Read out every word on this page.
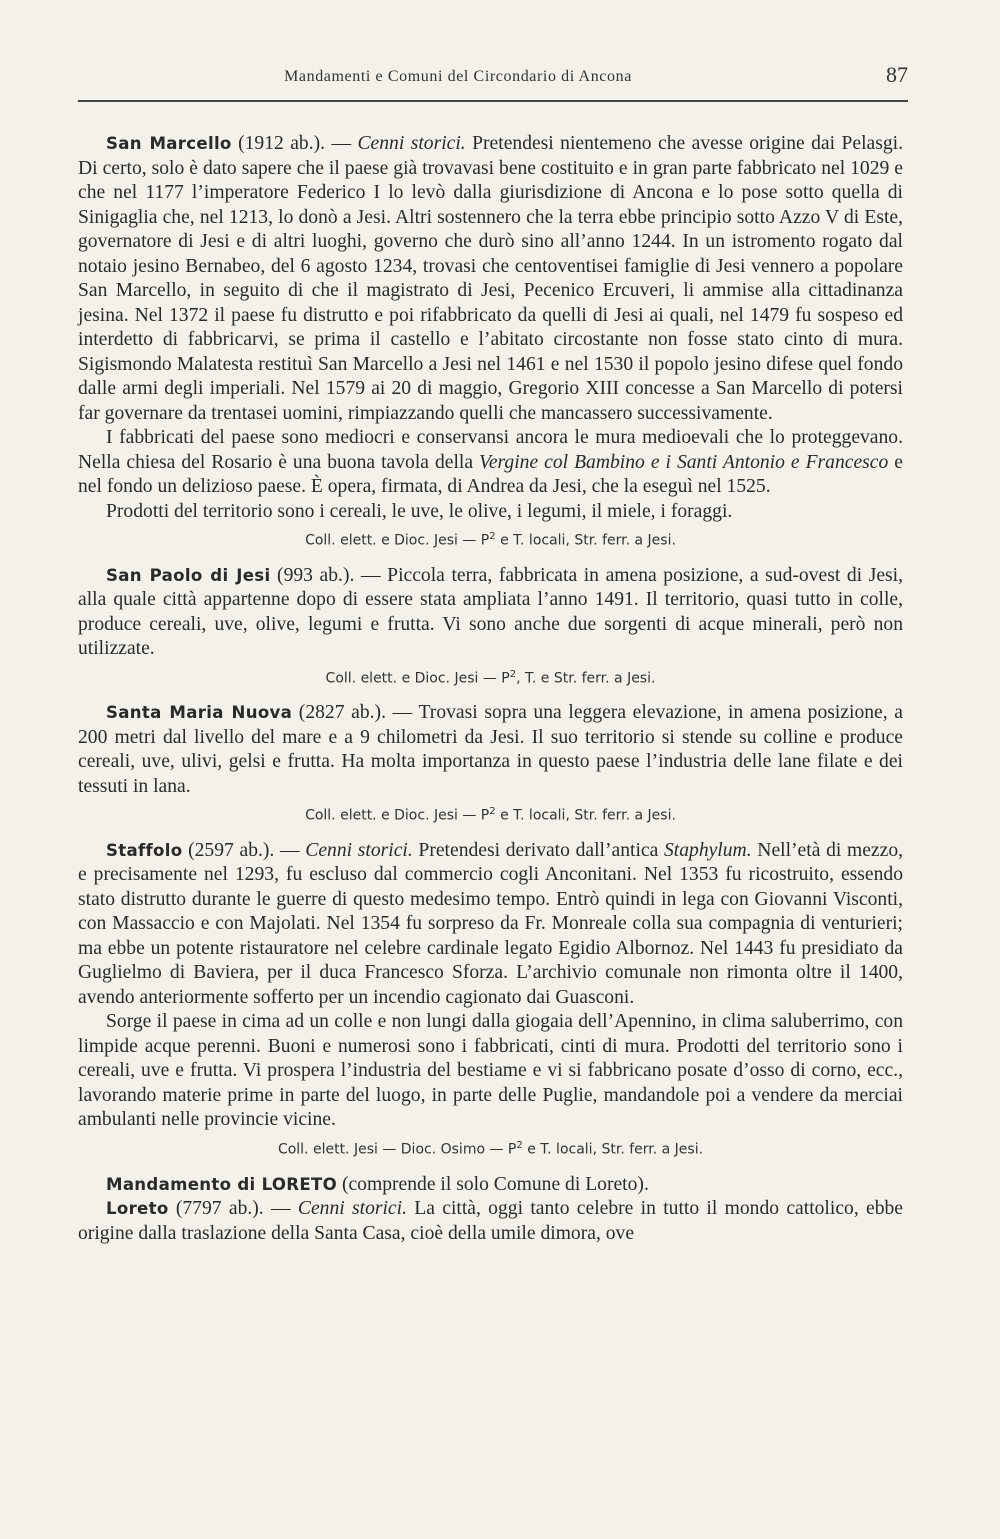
Mandamenti e Comuni del Circondario di Ancona	87

San Marcello (1912 ab.). — Cenni storici. Pretendesi nientemeno che avesse origine dai Pelasgi. Di certo, solo è dato sapere che il paese già trovavasi bene costituito e in gran parte fabbricato nel 1029 e che nel 1177 l’imperatore Federico I lo levò dalla giurisdizione di Ancona e lo pose sotto quella di Sinigaglia che, nel 1213, lo donò a Jesi. Altri sostennero che la terra ebbe principio sotto Azzo V di Este, governatore di Jesi e di altri luoghi, governo che durò sino all’anno 1244. In un istromento rogato dal notaio jesino Bernabeo, del 6 agosto 1234, trovasi che centoventisei famiglie di Jesi vennero a popolare San Marcello, in seguito di che il magistrato di Jesi, Pecenico Ercuveri, li ammise alla cittadinanza jesina. Nel 1372 il paese fu distrutto e poi rifabbricato da quelli di Jesi ai quali, nel 1479 fu sospeso ed interdetto di fabbricarvi, se prima il castello e l’abitato circostante non fosse stato cinto di mura. Sigismondo Malatesta restituì San Marcello a Jesi nel 1461 e nel 1530 il popolo jesino difese quel fondo dalle armi degli imperiali. Nel 1579 ai 20 di maggio, Gregorio XIII concesse a San Marcello di potersi far governare da trentasei uomini, rimpiazzando quelli che mancassero successivamente.

I fabbricati del paese sono mediocri e conservansi ancora le mura medioevali che lo proteggevano. Nella chiesa del Rosario è una buona tavola della Vergine col Bambino e i Santi Antonio e Francesco e nel fondo un delizioso paese. È opera, firmata, di Andrea da Jesi, che la eseguì nel 1525.

Prodotti del territorio sono i cereali, le uve, le olive, i legumi, il miele, i foraggi.

Coll. elett. e Dioc. Jesi — $P^2$ e T. locali, Str. ferr. a Jesi.

San Paolo di Jesi (993 ab.). — Piccola terra, fabbricata in amena posizione, a sud-ovest di Jesi, alla quale città appartenne dopo di essere stata ampliata l’anno 1491. Il territorio, quasi tutto in colle, produce cereali, uve, olive, legumi e frutta. Vi sono anche due sorgenti di acque minerali, però non utilizzate.

Coll. elett. e Dioc. Jesi — $P^2$, T. e Str. ferr. a Jesi.

Santa Maria Nuova (2827 ab.). — Trovasi sopra una leggera elevazione, in amena posizione, a 200 metri dal livello del mare e a 9 chilometri da Jesi. Il suo territorio si stende su colline e produce cereali, uve, ulivi, gelsi e frutta. Ha molta importanza in questo paese l’industria delle lane filate e dei tessuti in lana.

Coll. elett. e Dioc. Jesi — $P^2$ e T. locali, Str. ferr. a Jesi.

Staffolo (2597 ab.). — Cenni storici. Pretendesi derivato dall’antica Staphylum. Nell’età di mezzo, e precisamente nel 1293, fu escluso dal commercio cogli Anconitani. Nel 1353 fu ricostruito, essendo stato distrutto durante le guerre di questo medesimo tempo. Entrò quindi in lega con Giovanni Visconti, con Massaccio e con Majolati. Nel 1354 fu sorpreso da Fr. Monreale colla sua compagnia di venturieri; ma ebbe un potente ristauratore nel celebre cardinale legato Egidio Albornoz. Nel 1443 fu presidiato da Guglielmo di Baviera, per il duca Francesco Sforza. L’archivio comunale non rimonta oltre il 1400, avendo anteriormente sofferto per un incendio cagionato dai Guasconi.

Sorge il paese in cima ad un colle e non lungi dalla giogaia dell’Apennino, in clima saluberrimo, con limpide acque perenni. Buoni e numerosi sono i fabbricati, cinti di mura. Prodotti del territorio sono i cereali, uve e frutta. Vi prospera l’industria del bestiame e vi si fabbricano posate d’osso di corno, ecc., lavorando materie prime in parte del luogo, in parte delle Puglie, mandandole poi a vendere da merciai ambulanti nelle provincie vicine.

Coll. elett. Jesi — Dioc. Osimo — $P^2$ e T. locali, Str. ferr. a Jesi.

Mandamento di LORETO (comprende il solo Comune di Loreto).

Loreto (7797 ab.). — Cenni storici. La città, oggi tanto celebre in tutto il mondo cattolico, ebbe origine dalla traslazione della Santa Casa, cioè della umile dimora, ove
